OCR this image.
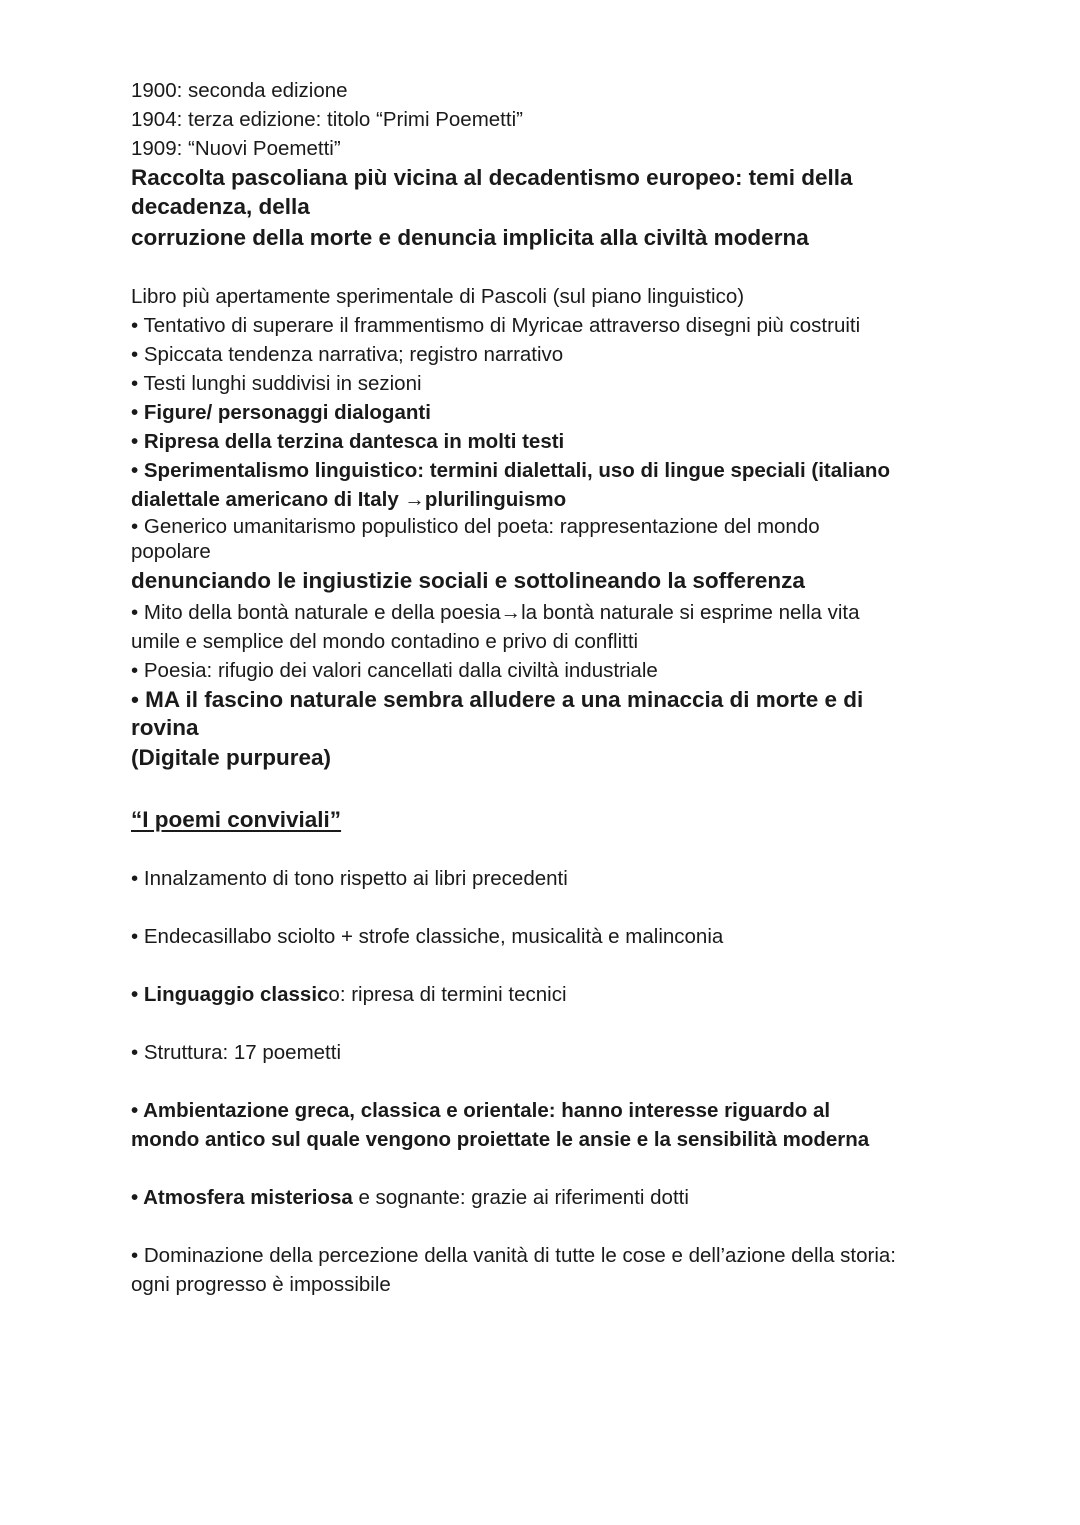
1900: seconda edizione

1904: terza edizione: titolo “Primi Poemetti”

1909: “Nuovi Poemetti”

Raccolta pascoliana più vicina al decadentismo europeo: temi della

decadenza, della

corruzione della morte e denuncia implicita alla civiltà moderna

Libro più apertamente sperimentale di Pascoli (sul piano linguistico)

• Tentativo di superare il frammentismo di Myricae attraverso disegni più costruiti

• Spiccata tendenza narrativa; registro narrativo

• Testi lunghi suddivisi in sezioni

• Figure/ personaggi dialoganti

• Ripresa della terzina dantesca in molti testi

• Sperimentalismo linguistico: termini dialettali, uso di lingue speciali (italiano

dialettale americano di Italy →plurilinguismo

• Generico umanitarismo populistico del poeta: rappresentazione del mondo

popolare

denunciando le ingiustizie sociali e sottolineando la sofferenza

• Mito della bontà naturale e della poesia→la bontà naturale si esprime nella vita

umile e semplice del mondo contadino e privo di conflitti

• Poesia: rifugio dei valori cancellati dalla civiltà industriale

• MA il fascino naturale sembra alludere a una minaccia di morte e di

rovina

(Digitale purpurea)

“I poemi conviviali”

• Innalzamento di tono rispetto ai libri precedenti

• Endecasillabo sciolto + strofe classiche, musicalità e malinconia

• Linguaggio classico: ripresa di termini tecnici

• Struttura: 17 poemetti

• Ambientazione greca, classica e orientale: hanno interesse riguardo al

mondo antico sul quale vengono proiettate le ansie e la sensibilità moderna

• Atmosfera misteriosa e sognante: grazie ai riferimenti dotti

• Dominazione della percezione della vanità di tutte le cose e dell’azione della storia:

ogni progresso è impossibile
